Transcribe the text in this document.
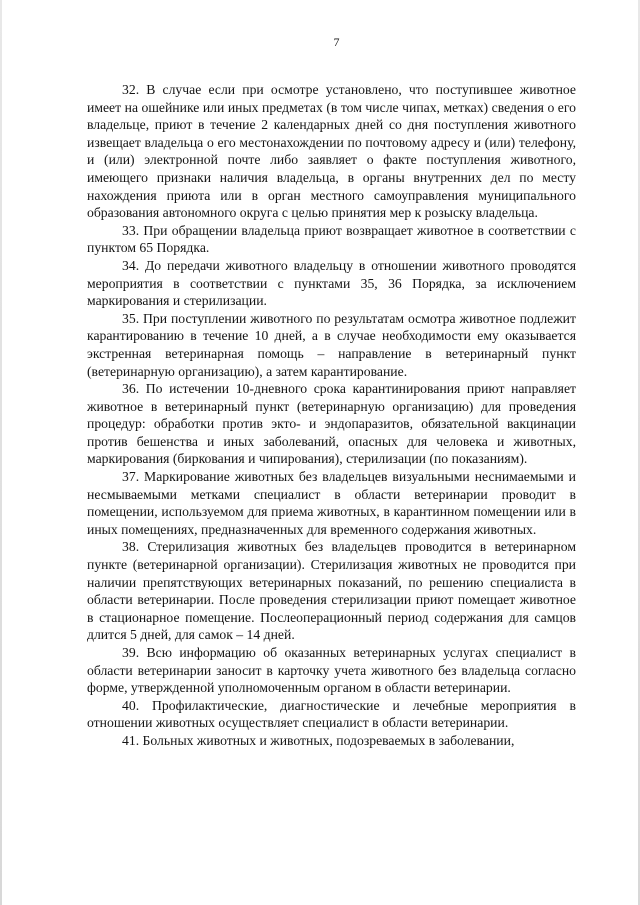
7

32. В случае если при осмотре установлено, что поступившее животное имеет на ошейнике или иных предметах (в том числе чипах, метках) сведения о его владельце, приют в течение 2 календарных дней со дня поступления животного извещает владельца о его местонахождении по почтовому адресу и (или) телефону, и (или) электронной почте либо заявляет о факте поступления животного, имеющего признаки наличия владельца, в органы внутренних дел по месту нахождения приюта или в орган местного самоуправления муниципального образования автономного округа с целью принятия мер к розыску владельца.

33. При обращении владельца приют возвращает животное в соответствии с пунктом 65 Порядка.

34. До передачи животного владельцу в отношении животного проводятся мероприятия в соответствии с пунктами 35, 36 Порядка, за исключением маркирования и стерилизации.

35. При поступлении животного по результатам осмотра животное подлежит карантированию в течение 10 дней, а в случае необходимости ему оказывается экстренная ветеринарная помощь – направление в ветеринарный пункт (ветеринарную организацию), а затем карантирование.

36. По истечении 10-дневного срока карантинирования приют направляет животное в ветеринарный пункт (ветеринарную организацию) для проведения процедур: обработки против экто- и эндопаразитов, обязательной вакцинации против бешенства и иных заболеваний, опасных для человека и животных, маркирования (биркования и чипирования), стерилизации (по показаниям).

37. Маркирование животных без владельцев визуальными неснимаемыми и несмываемыми метками специалист в области ветеринарии проводит в помещении, используемом для приема животных, в карантинном помещении или в иных помещениях, предназначенных для временного содержания животных.

38. Стерилизация животных без владельцев проводится в ветеринарном пункте (ветеринарной организации). Стерилизация животных не проводится при наличии препятствующих ветеринарных показаний, по решению специалиста в области ветеринарии. После проведения стерилизации приют помещает животное в стационарное помещение. Послеоперационный период содержания для самцов длится 5 дней, для самок – 14 дней.

39. Всю информацию об оказанных ветеринарных услугах специалист в области ветеринарии заносит в карточку учета животного без владельца согласно форме, утвержденной уполномоченным органом в области ветеринарии.

40. Профилактические, диагностические и лечебные мероприятия в отношении животных осуществляет специалист в области ветеринарии.

41. Больных животных и животных, подозреваемых в заболевании,
